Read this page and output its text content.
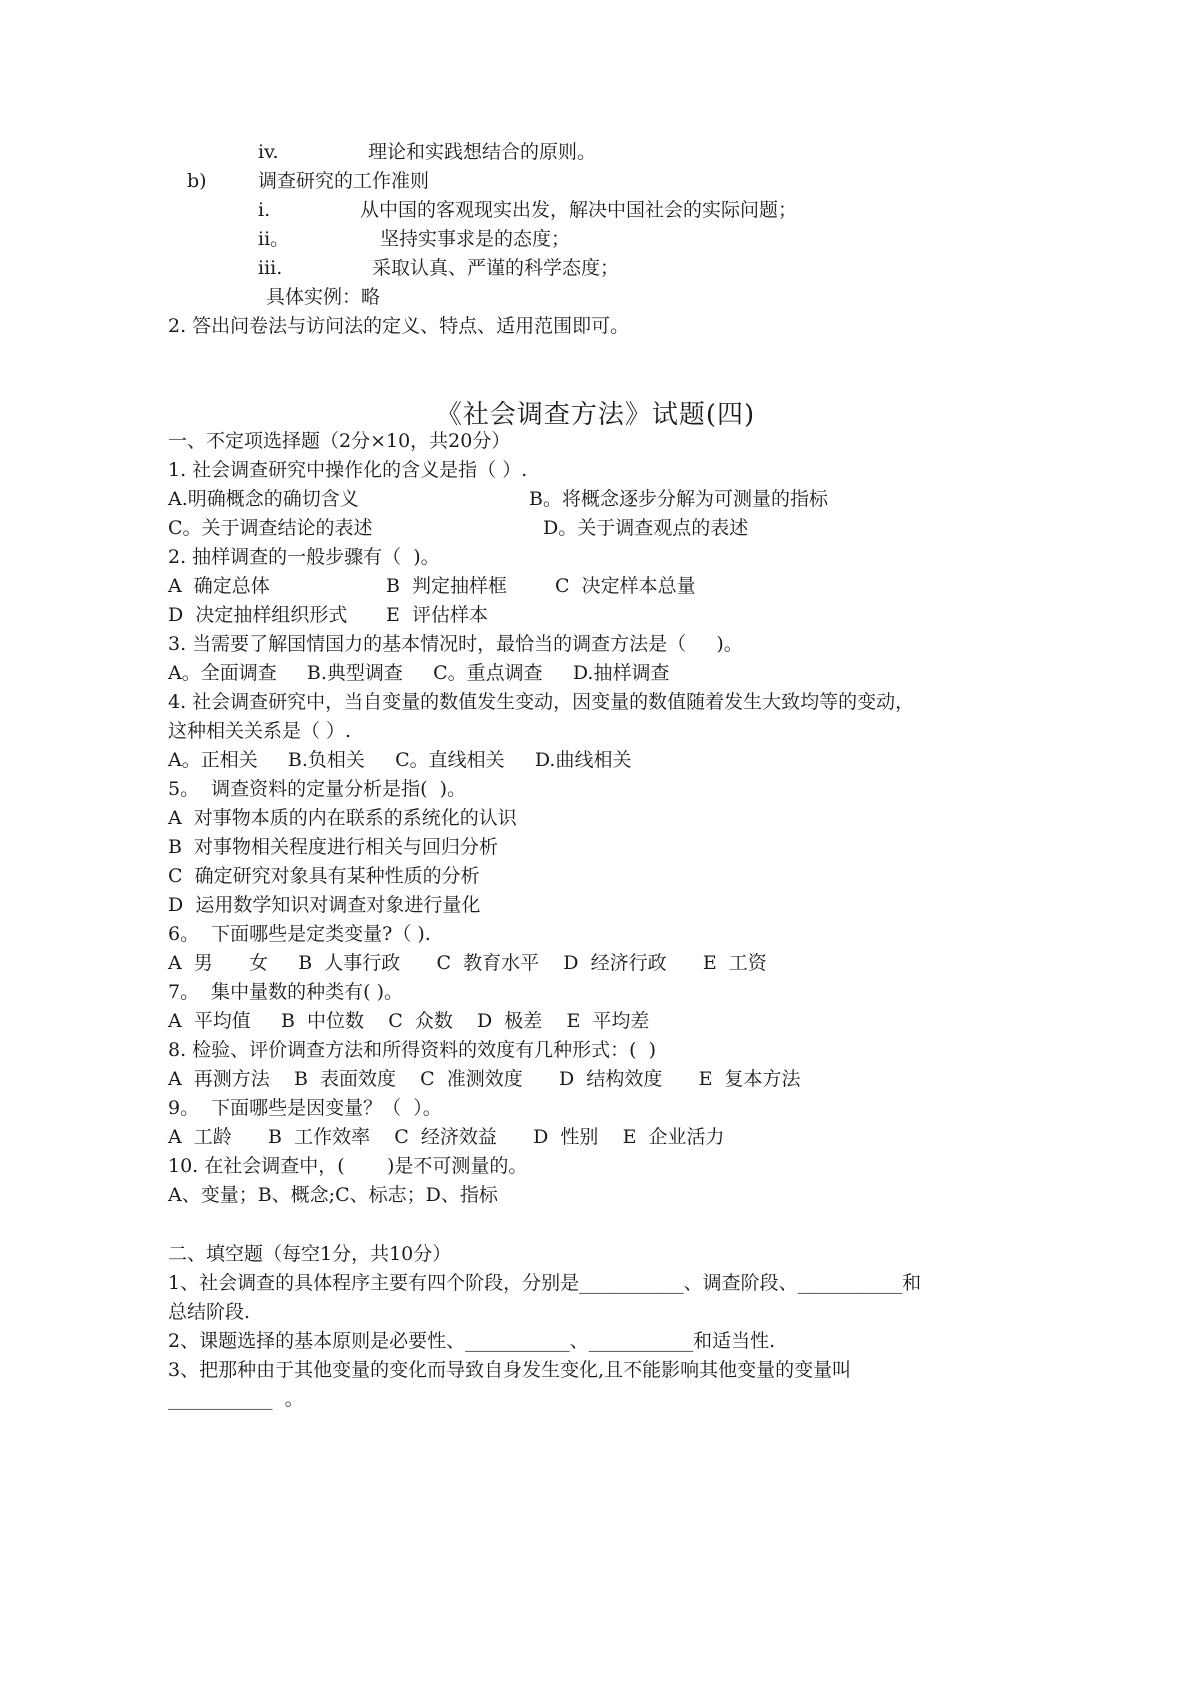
iv.

	理论和实践想结合的原则。

b)

	调查研究的工作准则

i.

	从中国的客观现实出发，解决中国社会的实际问题；

ii。

	坚持实事求是的态度；

iii.

	采取认真、严谨的科学态度；

具体实例：略

2. 答出问卷法与访问法的定义、特点、适用范围即可。

《社会调查方法》试题(四)
一、不定项选择题（2分×10，共20分）
1. 社会调查研究中操作化的含义是指（ ）.

A.明确概念的确切含义

	B。将概念逐步分解为可测量的指标

C。关于调查结论的表述

	D。关于调查观点的表述

2. 抽样调查的一般步骤有（  )。

A  确定总体

	B  判定抽样框

	C  决定样本总量

D  决定抽样组织形式

E  评估样本

3. 当需要了解国情国力的基本情况时，最恰当的调查方法是（     )。
A。全面调查     B.典型调查     C。重点调查     D.抽样调查
4. 社会调查研究中，当自变量的数值发生变动，因变量的数值随着发生大致均等的变动，
这种相关关系是（ ）.
A。正相关     B.负相关     C。直线相关     D.曲线相关
5。  调查资料的定量分析是指(  )。
A  对事物本质的内在联系的系统化的认识
B  对事物相关程度进行相关与回归分析
C  确定研究对象具有某种性质的分析
D  运用数学知识对调查对象进行量化
6。  下面哪些是定类变量?（ ).
A  男      女     B  人事行政      C  教育水平    D  经济行政      E  工资
7。  集中量数的种类有( )。
A  平均值     B  中位数    C  众数    D  极差    E  平均差
8. 检验、评价调查方法和所得资料的效度有几种形式：(  )
A  再测方法    B  表面效度    C  准测效度      D  结构效度      E  复本方法
9。  下面哪些是因变量？（  ）。
A  工龄      B  工作效率    C  经济效益      D  性别    E  企业活力
10. 在社会调查中，(       )是不可测量的。
A、变量；B、概念;C、标志；D、指标
二、填空题（每空1分，共10分）
1、社会调查的具体程序主要有四个阶段，分别是___________、调查阶段、___________和
总结阶段.
2、课题选择的基本原则是必要性、___________、___________和适当性.
3、把那种由于其他变量的变化而导致自身发生变化,且不能影响其他变量的变量叫
___________  。
